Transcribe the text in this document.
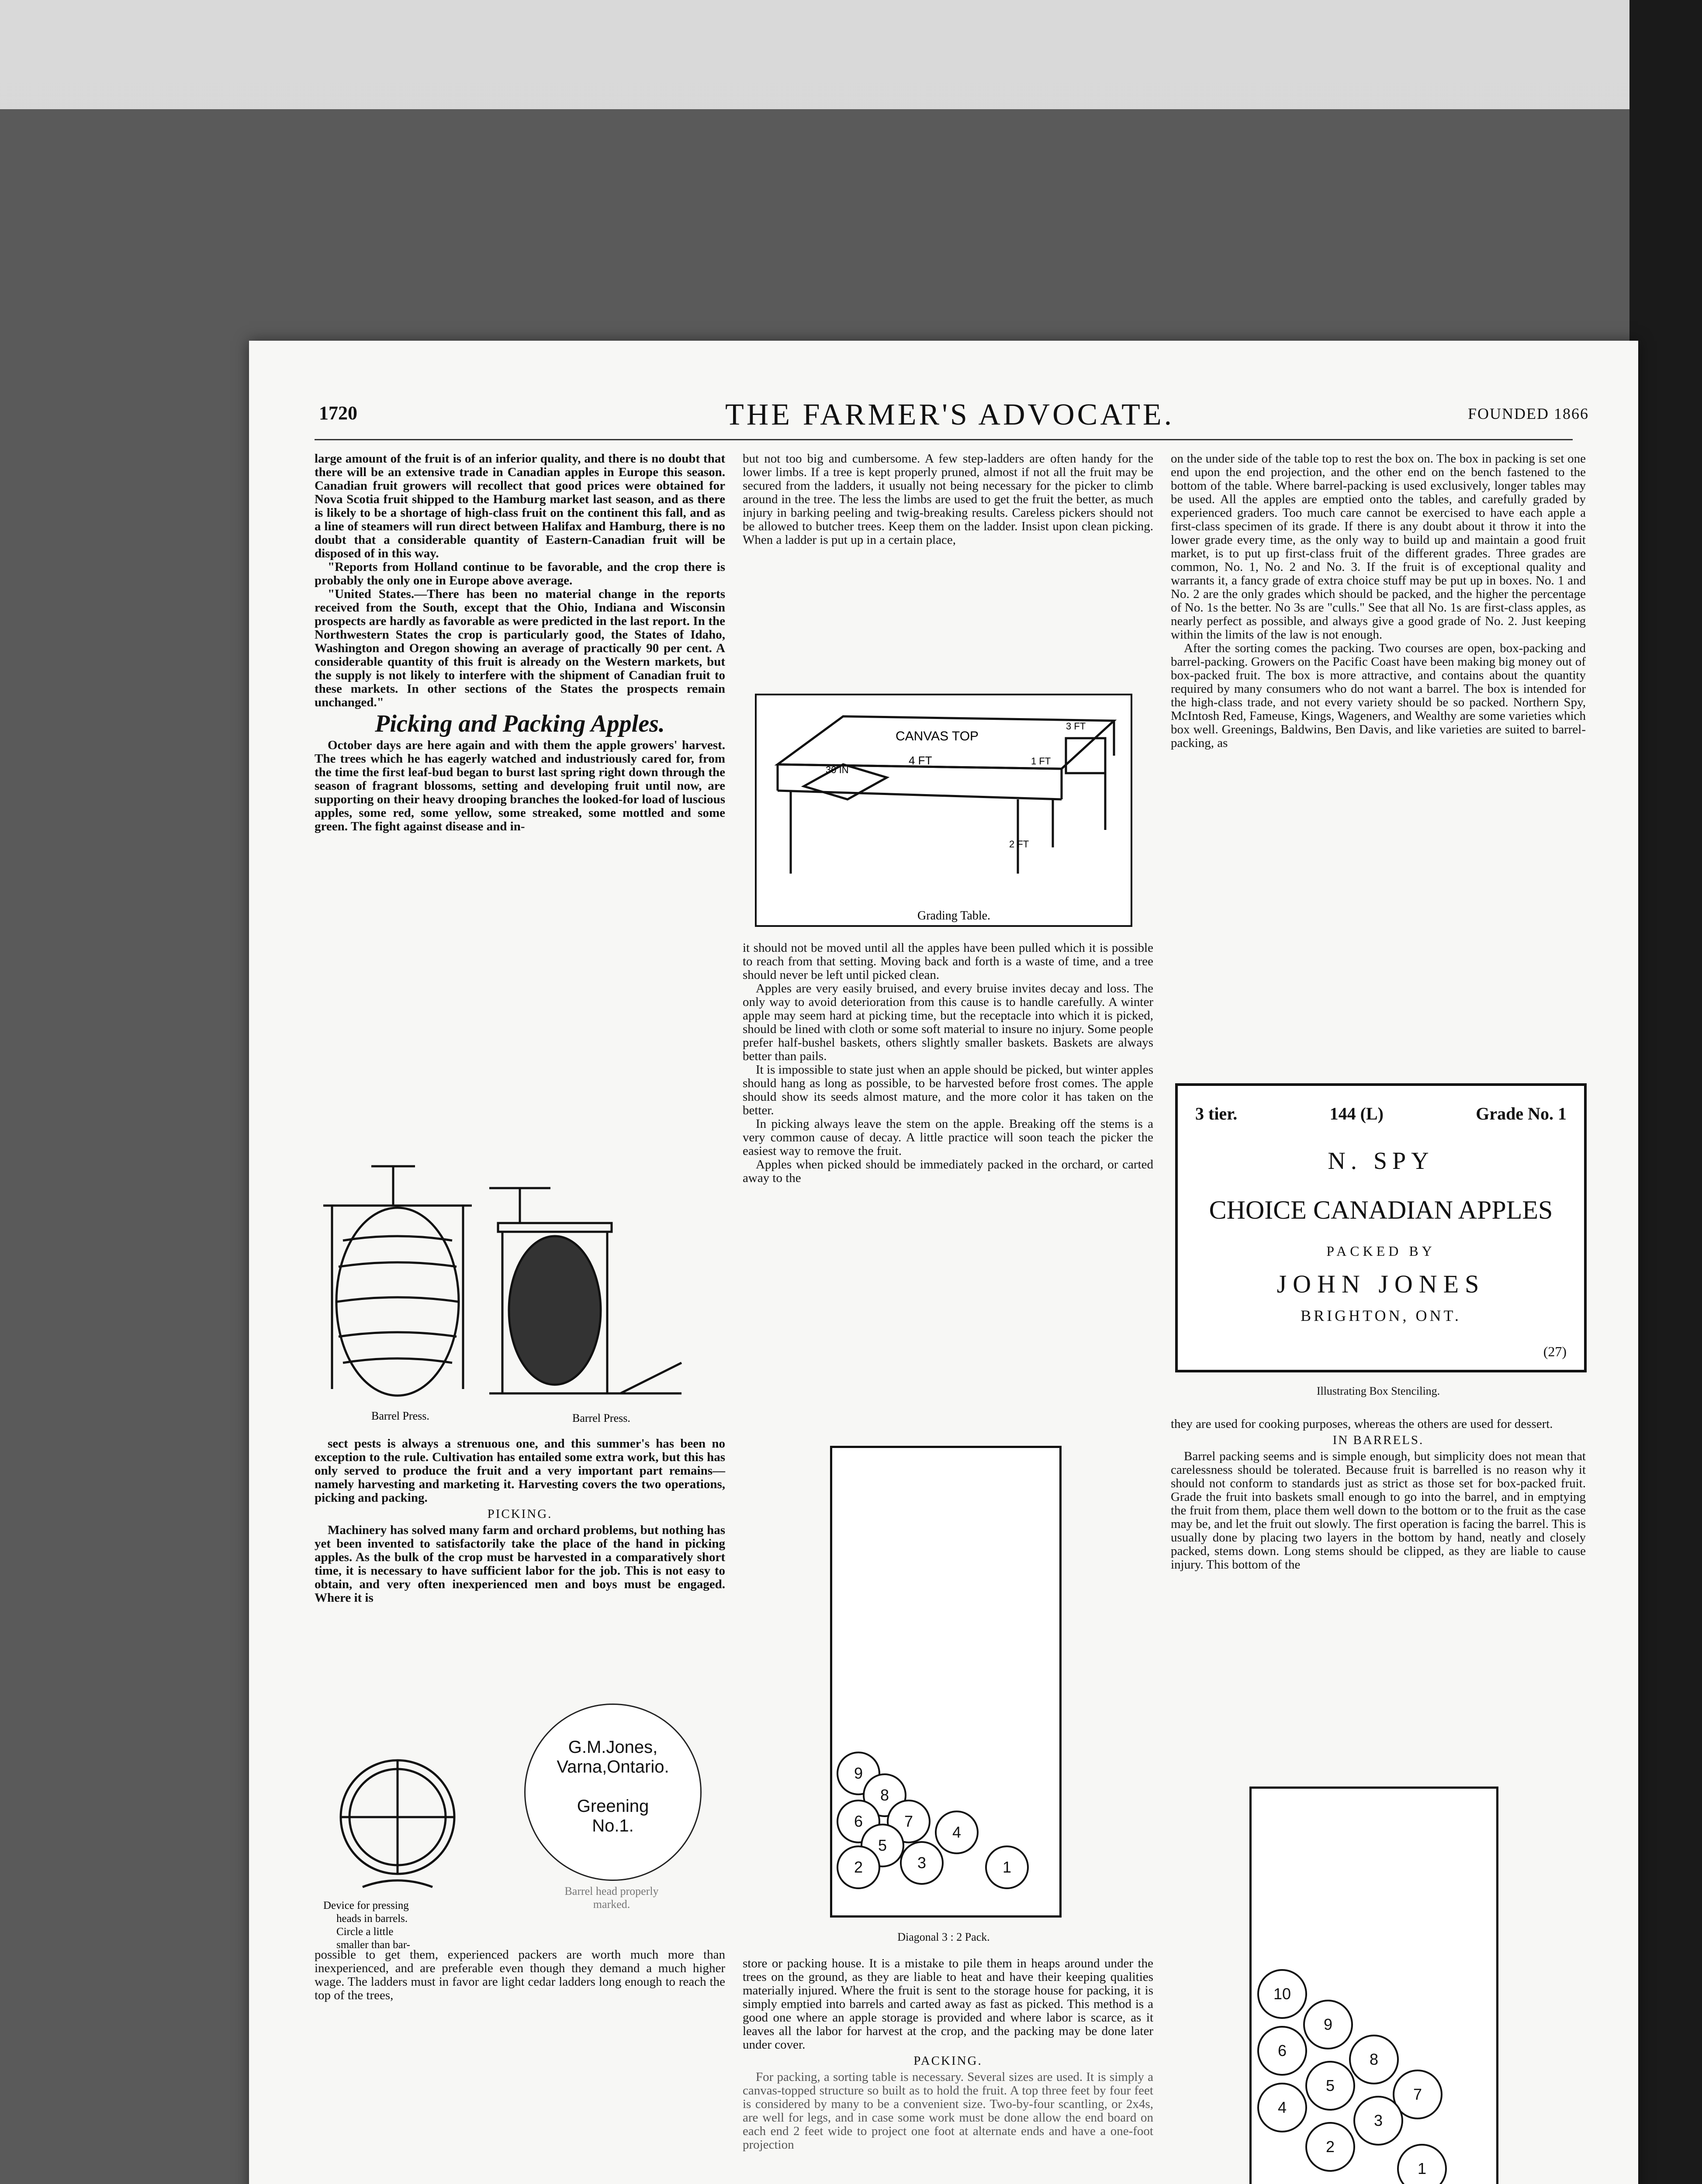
1720	THE FARMER'S ADVOCATE.	FOUNDED 1866

large amount of the fruit is of an inferior quality, and there is no doubt that there will be an extensive trade in Canadian apples in Europe this season. Canadian fruit growers will recollect that good prices were obtained for Nova Scotia fruit shipped to the Hamburg market last season, and as there is likely to be a shortage of high-class fruit on the continent this fall, and as a line of steamers will run direct between Halifax and Hamburg, there is no doubt that a considerable quantity of Eastern-Canadian fruit will be disposed of in this way.

"Reports from Holland continue to be favorable, and the crop there is probably the only one in Europe above average.

"United States.—There has been no material change in the reports received from the South, except that the Ohio, Indiana and Wisconsin prospects are hardly as favorable as were predicted in the last report. In the Northwestern States the crop is particularly good, the States of Idaho, Washington and Oregon showing an average of practically 90 per cent. A considerable quantity of this fruit is already on the Western markets, but the supply is not likely to interfere with the shipment of Canadian fruit to these markets. In other sections of the States the prospects remain unchanged."

Picking and Packing Apples.

October days are here again and with them the apple growers' harvest. The trees which he has eagerly watched and industriously cared for, from the time the first leaf-bud began to burst last spring right down through the season of fragrant blossoms, setting and developing fruit until now, are supporting on their heavy drooping branches the looked-for load of luscious apples, some red, some yellow, some streaked, some mottled and some green. The fight against disease and in-

Barrel Press.	Barrel Press.

sect pests is always a strenuous one, and this summer's has been no exception to the rule. Cultivation has entailed some extra work, but this has only served to produce the fruit and a very important part remains—namely harvesting and marketing it. Harvesting covers the two operations, picking and packing.

PICKING.

Machinery has solved many farm and orchard problems, but nothing has yet been invented to satisfactorily take the place of the hand in picking apples. As the bulk of the crop must be harvested in a comparatively short time, it is necessary to have sufficient labor for the job. This is not easy to obtain, and very often inexperienced men and boys must be engaged. Where it is

Device for pressing heads in barrels. Circle a little smaller than bar-
G.M.Jones,
Varna,Ontario.
Greening
No.1.
Barrel head properly marked.

possible to get them, experienced packers are worth much more than inexperienced, and are preferable even though they demand a much higher wage. The ladders must in favor are light cedar ladders long enough to reach the top of the trees,

but not too big and cumbersome. A few step-ladders are often handy for the lower limbs. If a tree is kept properly pruned, almost if not all the fruit may be secured from the ladders, it usually not being necessary for the picker to climb around in the tree. The less the limbs are used to get the fruit the better, as much injury in barking peeling and twig-breaking results. Careless pickers should not be allowed to butcher trees. Keep them on the ladder. Insist upon clean picking. When a ladder is put up in a certain place,

CANVAS TOP
4 FT
30 IN
1 FT
3 FT
2 FT
Grading Table.

it should not be moved until all the apples have been pulled which it is possible to reach from that setting. Moving back and forth is a waste of time, and a tree should never be left until picked clean.

Apples are very easily bruised, and every bruise invites decay and loss. The only way to avoid deterioration from this cause is to handle carefully. A winter apple may seem hard at picking time, but the receptacle into which it is picked, should be lined with cloth or some soft material to insure no injury. Some people prefer half-bushel baskets, others slightly smaller baskets. Baskets are always better than pails.

It is impossible to state just when an apple should be picked, but winter apples should hang as long as possible, to be harvested before frost comes. The apple should show its seeds almost mature, and the more color it has taken on the better.

In picking always leave the stem on the apple. Breaking off the stems is a very common cause of decay. A little practice will soon teach the picker the easiest way to remove the fruit.

Apples when picked should be immediately packed in the orchard, or carted away to the

9
8
6	7
5
4
2	3	1
Diagonal 3 : 2 Pack.

store or packing house. It is a mistake to pile them in heaps around under the trees on the ground, as they are liable to heat and have their keeping qualities materially injured. Where the fruit is sent to the storage house for packing, it is simply emptied into barrels and carted away as fast as picked. This method is a good one where an apple storage is provided and where labor is scarce, as it leaves all the labor for harvest at the crop, and the packing may be done later under cover.

PACKING.

For packing, a sorting table is necessary. Several sizes are used. It is simply a canvas-topped structure so built as to hold the fruit. A top three feet by four feet is considered by many to be a convenient size. Two-by-four scantling, or 2x4s, are well for legs, and in case some work must be done allow the end board on each end 2 feet wide to project one foot at alternate ends and have a one-foot projection

on the under side of the table top to rest the box on. The box in packing is set one end upon the end projection, and the other end on the bench fastened to the bottom of the table. Where barrel-packing is used exclusively, longer tables may be used. All the apples are emptied onto the tables, and carefully graded by experienced graders. Too much care cannot be exercised to have each apple a first-class specimen of its grade. If there is any doubt about it throw it into the lower grade every time, as the only way to build up and maintain a good fruit market, is to put up first-class fruit of the different grades. Three grades are common, No. 1, No. 2 and No. 3. If the fruit is of exceptional quality and warrants it, a fancy grade of extra choice stuff may be put up in boxes. No. 1 and No. 2 are the only grades which should be packed, and the higher the percentage of No. 1s the better. No 3s are "culls." See that all No. 1s are first-class apples, as nearly perfect as possible, and always give a good grade of No. 2. Just keeping within the limits of the law is not enough.

After the sorting comes the packing. Two courses are open, box-packing and barrel-packing. Growers on the Pacific Coast have been making big money out of box-packed fruit. The box is more attractive, and contains about the quantity required by many consumers who do not want a barrel. The box is intended for the high-class trade, and not every variety should be so packed. Northern Spy, McIntosh Red, Fameuse, Kings, Wageners, and Wealthy are some varieties which box well. Greenings, Baldwins, Ben Davis, and like varieties are suited to barrel-packing, as

3 tier.	144 (L)	Grade No. 1
N. SPY
CHOICE CANADIAN APPLES
PACKED BY
JOHN JONES
BRIGHTON, ONT.
(27)
Illustrating Box Stenciling.

they are used for cooking purposes, whereas the others are used for dessert.

IN BARRELS.

Barrel packing seems and is simple enough, but simplicity does not mean that carelessness should be tolerated. Because fruit is barrelled is no reason why it should not conform to standards just as strict as those set for box-packed fruit. Grade the fruit into baskets small enough to go into the barrel, and in emptying the fruit from them, place them well down to the bottom or to the fruit as the case may be, and let the fruit out slowly. The first operation is facing the barrel. This is usually done by placing two layers in the bottom by hand, neatly and closely packed, stems down. Long stems should be clipped, as they are liable to cause injury. This bottom of the

10
9
6	8
5	7
4
3
2
1
